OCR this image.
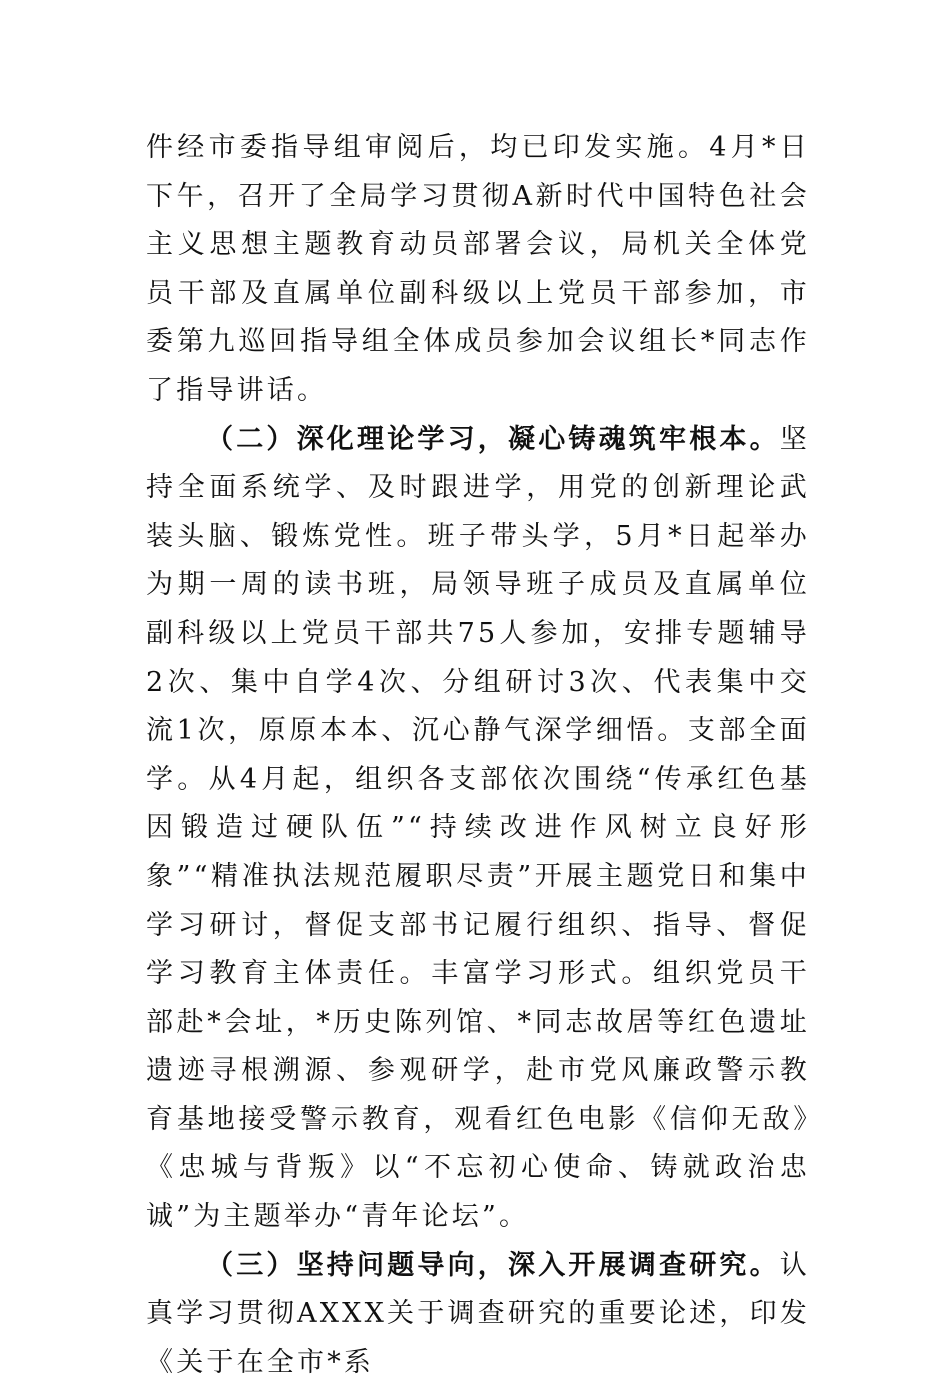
件经市委指导组审阅后，均已印发实施。4月*日下午，召开了全局学习贯彻A新时代中国特色社会主义思想主题教育动员部署会议，局机关全体党员干部及直属单位副科级以上党员干部参加，市委第九巡回指导组全体成员参加会议组长*同志作了指导讲话。

（二）深化理论学习，凝心铸魂筑牢根本。坚持全面系统学、及时跟进学，用党的创新理论武装头脑、锻炼党性。班子带头学，5月*日起举办为期一周的读书班，局领导班子成员及直属单位副科级以上党员干部共75人参加，安排专题辅导2次、集中自学4次、分组研讨3次、代表集中交流1次，原原本本、沉心静气深学细悟。支部全面学。从4月起，组织各支部依次围绕“传承红色基因锻造过硬队伍”“持续改进作风树立良好形象”“精准执法规范履职尽责”开展主题党日和集中学习研讨，督促支部书记履行组织、指导、督促学习教育主体责任。丰富学习形式。组织党员干部赴*会址，*历史陈列馆、*同志故居等红色遗址遗迹寻根溯源、参观研学，赴市党风廉政警示教育基地接受警示教育，观看红色电影《信仰无敌》《忠城与背叛》以“不忘初心使命、铸就政治忠诚”为主题举办“青年论坛”。

（三）坚持问题导向，深入开展调查研究。认真学习贯彻AXXX关于调查研究的重要论述，印发《关于在全市*系
